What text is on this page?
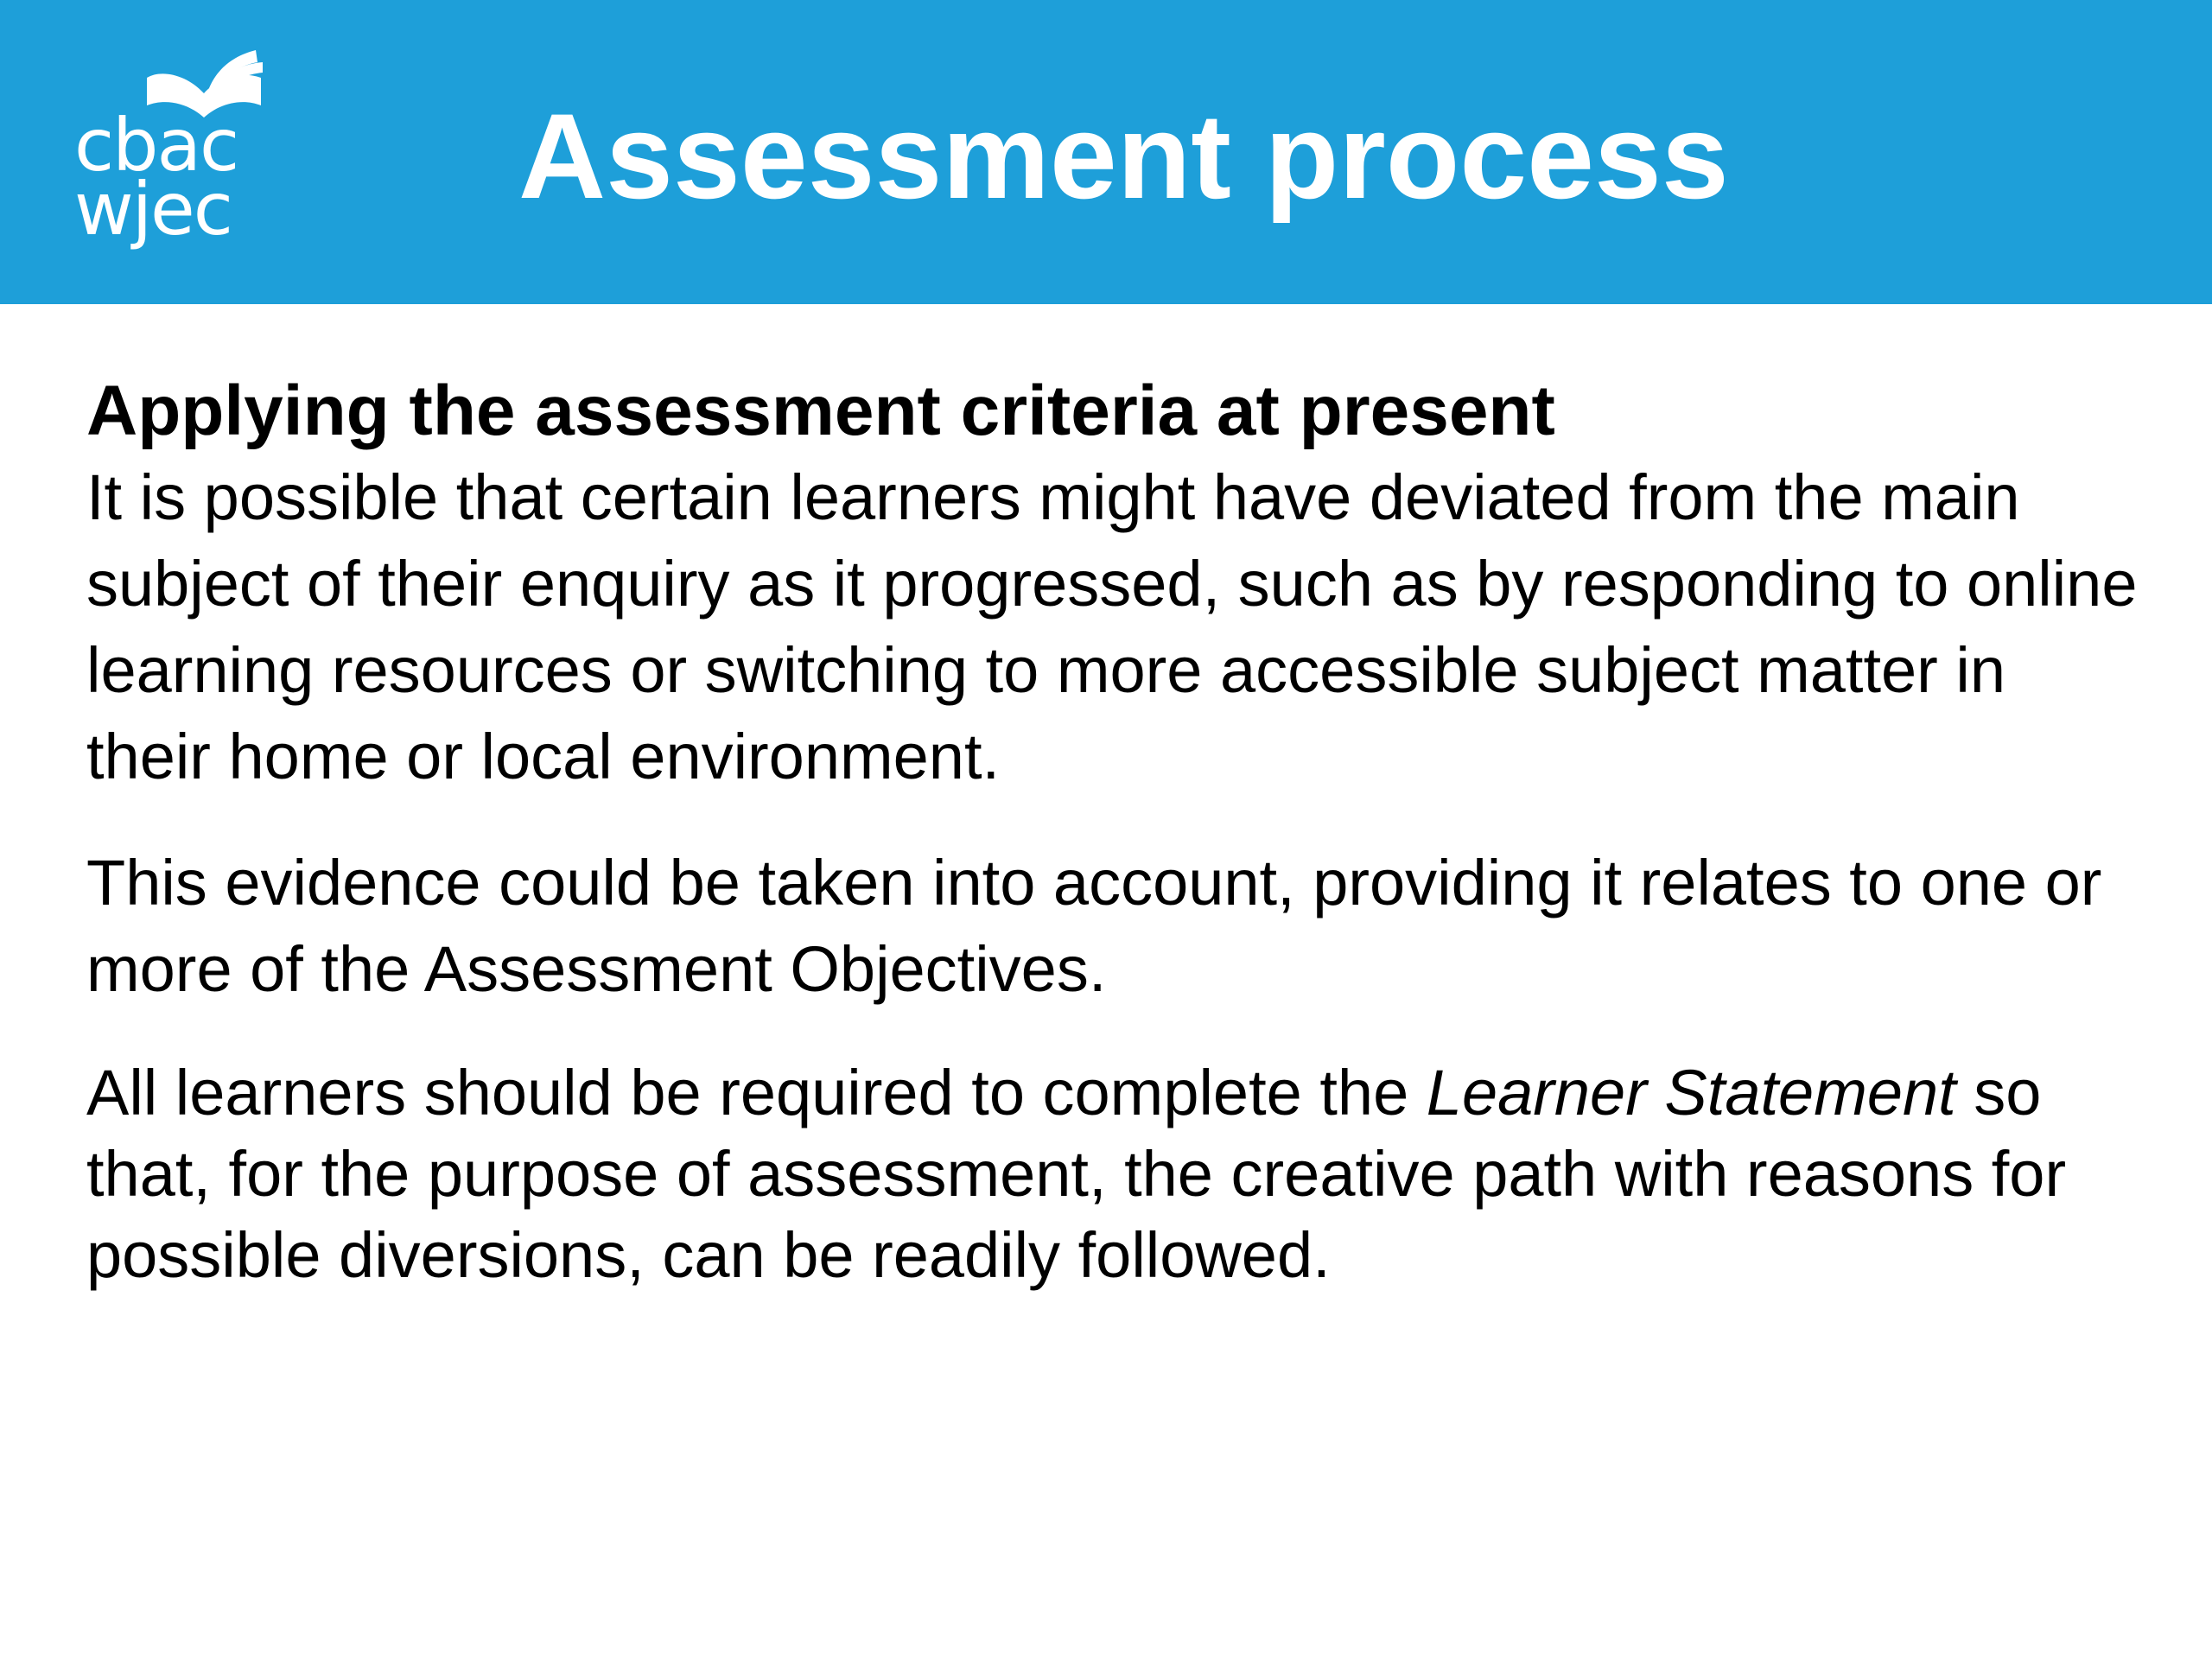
cbac
wjec Assessment process
Applying the assessment criteria at present

It is possible that certain learners might have deviated from the main subject of their enquiry as it progressed, such as by responding to online learning resources or switching to more accessible subject matter in their home or local environment.

This evidence could be taken into account, providing it relates to one or more of the Assessment Objectives.

All learners should be required to complete the Learner Statement so that, for the purpose of assessment, the creative path with reasons for possible diversions, can be readily followed.
